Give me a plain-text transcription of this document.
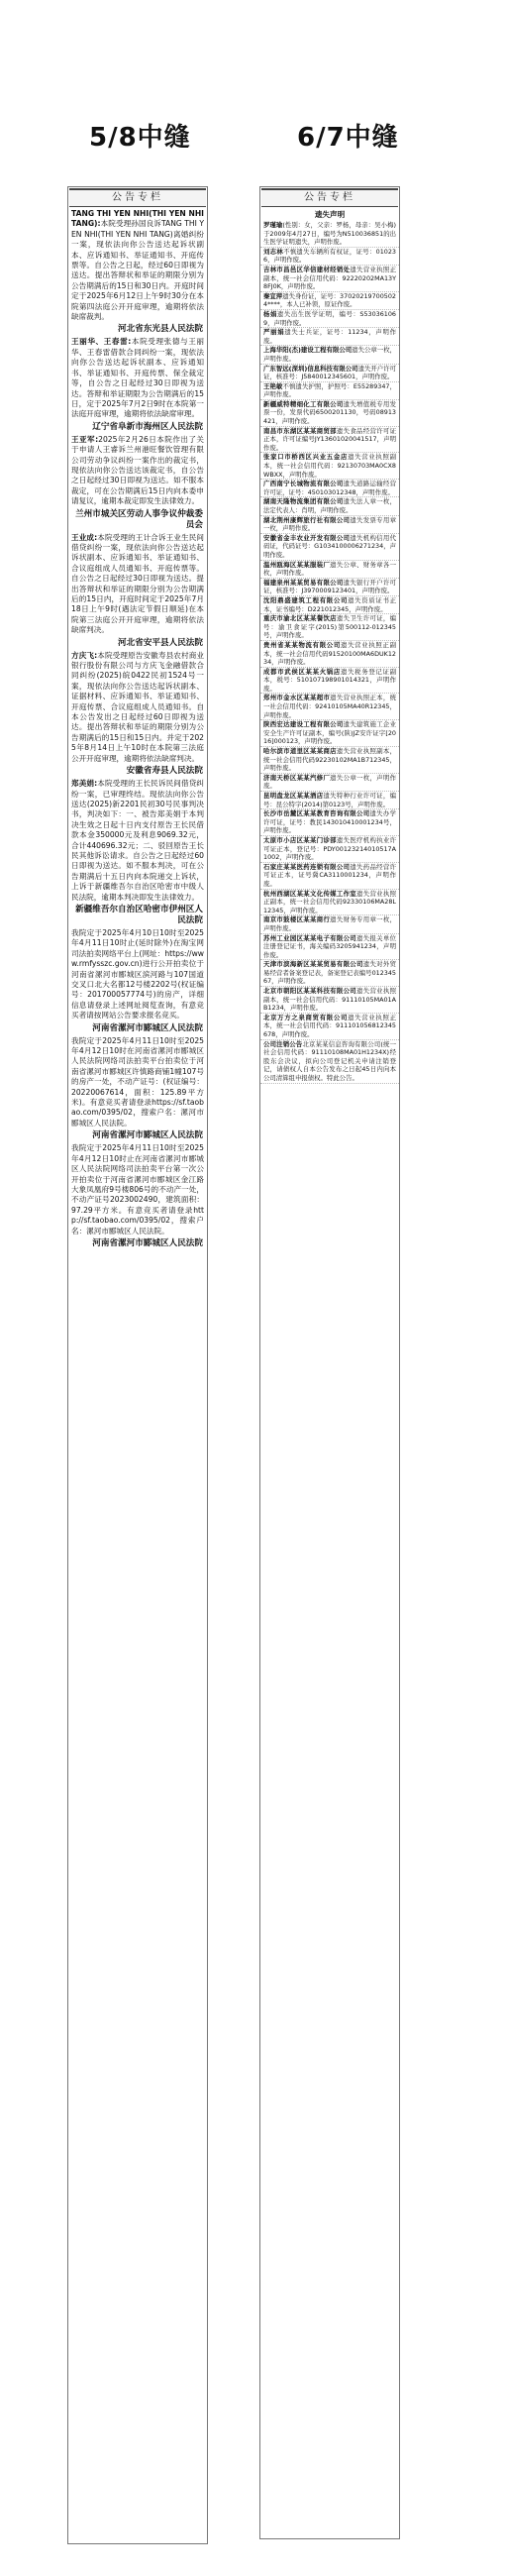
5/8中缝	6/7中缝
公告专栏
TANG THI YEN NHI(THI YEN NHI TANG):本院受理孙国良诉TANG THI YEN NHI(THI YEN NHI TANG)离婚纠纷一案，现依法向你公告送达起诉状副本、应诉通知书、举证通知书、开庭传票等。自公告之日起，经过60日即视为送达。提出答辩状和举证的期限分别为公告期满后的15日和30日内。开庭时间定于2025年6月12日上午9时30分在本院第四法庭公开开庭审理，逾期将依法缺席裁判。
河北省东光县人民法院
王丽华、王春雷:本院受理张德与王丽华、王春雷借款合同纠纷一案，现依法向你公告送达起诉状副本、应诉通知书、举证通知书、开庭传票、保全裁定等，自公告之日起经过30日即视为送达。答辩和举证期限为公告期满后的15日，定于2025年7月2日9时在本院第一法庭开庭审理，逾期将依法缺席审理。
辽宁省阜新市海州区人民法院
王亚军:2025年2月26日本院作出了关于申请人王睿诉兰州港旺餐饮管理有限公司劳动争议纠纷一案作出的裁定书，现依法向你公告送达该裁定书，自公告之日起经过30日即视为送达。如不服本裁定，可在公告期满后15日内向本委申请复议，逾期本裁定即发生法律效力。
兰州市城关区劳动人事争议仲裁委员会
王业成:本院受理的王计合诉王业生民间借贷纠纷一案，现依法向你公告送达起诉状副本、应诉通知书、举证通知书、合议庭组成人员通知书、开庭传票等。自公告之日起经过30日即视为送达。提出答辩状和举证的期限分别为公告期满后的15日内，开庭时间定于2025年7月18日上午9时(遇法定节假日顺延)在本院第三法庭公开开庭审理，逾期将依法缺席判决。
河北省安平县人民法院
方庆飞:本院受理原告安徽寿县农村商业银行股份有限公司与方庆飞金融借款合同纠纷(2025)皖0422民初1524号一案，现依法向你公告送达起诉状副本、证据材料、应诉通知书、举证通知书、开庭传票、合议庭组成人员通知书。自本公告发出之日起经过60日即视为送达。提出答辩状和举证的期限分别为公告期满后的15日和15日内。并定于2025年8月14日上午10时在本院第三法庭公开开庭审理，逾期将依法缺席判决。
安徽省寿县人民法院
郑美娟:本院受理的王长民诉民间借贷纠纷一案，已审理终结。现依法向你公告送达(2025)新2201民初30号民事判决书，判决如下：一、被告郑美娟于本判决生效之日起十日内支付原告王长民借款本金350000元及利息9069.32元，合计440696.32元；二、驳回原告王长民其他诉讼请求。自公告之日起经过60日即视为送达。如不服本判决，可在公告期满后十五日内向本院递交上诉状，上诉于新疆维吾尔自治区哈密市中级人民法院，逾期本判决即发生法律效力。
新疆维吾尔自治区哈密市伊州区人民法院
我院定于2025年4月10日10时至2025年4月11日10时止(延时除外)在淘宝网司法拍卖网络平台上(网址：https://www.rmfysszc.gov.cn)进行公开拍卖位于河南省漯河市郾城区滨河路与107国道交叉口北大名都12号楼2202号(权证编号：201700057774号)的房产，详细信息请登录上述网址阅览查询，有意竞买者请按网站公告要求报名竞买。
河南省漯河市郾城区人民法院
我院定于2025年4月11日10时至2025年4月12日10时在河南省漯河市郾城区人民法院网络司法拍卖平台拍卖位于河南省漯河市郾城区许慎路商铺1幢107号的房产一处，不动产证号：(权证编号：20220067614，面积：125.89平方米)。有意竞买者请登录https://sf.taobao.com/0395/02，搜索户名：漯河市郾城区人民法院。
河南省漯河市郾城区人民法院
我院定于2025年4月11日10时至2025年4月12日10时止在河南省漯河市郾城区人民法院网络司法拍卖平台第一次公开拍卖位于河南省漯河市郾城区金江路大象凤凰府9号楼806号的不动产一处，不动产证号2023002490，建筑面积：97.29平方米。有意竞买者请登录http://sf.taobao.com/0395/02，搜索户名：漯河市郾城区人民法院。
河南省漯河市郾城区人民法院
公告专栏
遗失声明
罗瑾瑜(性别：女，父亲：罗杨，母亲：吴小梅)于2009年4月27日，编号为N510036851的出生医学证明遗失，声明作废。
刘志林不慎遗失车辆所有权证，证号：010236，声明作废。
吉林市昌邑区华信建材经销处遗失营业执照正副本，统一社会信用代码：92220202MA13Y8FJ0K，声明作废。
秦宜萍遗失身份证，证号：370202197005024****，本人已补领，原证作废。
杨娟遗失出生医学证明，编号：S530361069，声明作废。
严丽娟遗失士兵证，证号：11234，声明作废。
上海华阳(杰)建设工程有限公司遗失公章一枚，声明作废。
广东智远(深圳)信息科技有限公司遗失开户许可证，核准号：J5840012345601，声明作废。
王艳敏不慎遗失护照，护照号：E55289347，声明作废。
新疆威特精细化工有限公司遗失增值税专用发票一份，发票代码6500201130，号码08913421，声明作废。
南昌市东湖区某某商贸部遗失食品经营许可证正本，许可证编号JY13601020041517，声明作废。
张家口市桥西区兴业五金店遗失营业执照副本，统一社会信用代码：92130703MA0CX8WBXX，声明作废。
广西南宁长城物流有限公司遗失道路运输经营许可证，证号：450103012348，声明作废。
湖南天隆物流集团有限公司遗失法人章一枚，法定代表人：肖明，声明作废。
湖北荆州康辉旅行社有限公司遗失发票专用章一枚，声明作废。
安徽省金丰农业开发有限公司遗失机构信用代码证，代码证号：G1034100006271234，声明作废。
温州瓯海区某某服装厂遗失公章、财务章各一枚，声明作废。
福建泉州某某贸易有限公司遗失银行开户许可证，核准号：J3970009123401，声明作废。
沈阳鼎盛建筑工程有限公司遗失资质证书正本，证书编号：D221012345，声明作废。
重庆市渝北区某某餐饮店遗失卫生许可证，编号：渝卫食证字(2015)第500112-012345号，声明作废。
贵州省某某物流有限公司遗失营业执照正副本，统一社会信用代码91520100MA6DUK1234，声明作废。
成都市武侯区某某火锅店遗失税务登记证副本，税号：510107198901014321，声明作废。
郑州市金水区某某超市遗失营业执照正本，统一社会信用代码：92410105MA40R12345，声明作废。
陕西宏达建设工程有限公司遗失建筑施工企业安全生产许可证副本，编号(陕)JZ安许证字[2016]000123，声明作废。
哈尔滨市道里区某某商店遗失营业执照副本，统一社会信用代码92230102MA1B712345，声明作废。
济南天桥区某某汽修厂遗失公章一枚，声明作废。
昆明盘龙区某某酒店遗失特种行业许可证，编号：昆公特字(2014)第0123号，声明作废。
长沙市岳麓区某某教育咨询有限公司遗失办学许可证，证号：教民143010410001234号，声明作废。
太原市小店区某某门诊部遗失医疗机构执业许可证正本，登记号：PDY00123214010517A1002，声明作废。
石家庄某某医药连锁有限公司遗失药品经营许可证正本，证号冀CA3110001234，声明作废。
杭州西湖区某某文化传媒工作室遗失营业执照正副本，统一社会信用代码92330106MA28L12345，声明作废。
南京市鼓楼区某某商行遗失财务专用章一枚，声明作废。
苏州工业园区某某电子有限公司遗失报关单位注册登记证书，海关编码3205941234，声明作废。
天津市滨海新区某某贸易有限公司遗失对外贸易经营者备案登记表，备案登记表编号01234567，声明作废。
北京市朝阳区某某科技有限公司遗失营业执照副本，统一社会信用代码：91110105MA01AB1234，声明作废。
北京万方之泉商贸有限公司遗失营业执照正本，统一社会信用代码：911101056812345678，声明作废。
公司注销公告北京某某信息咨询有限公司(统一社会信用代码：91110108MA01H1234X)经股东会决议，拟向公司登记机关申请注销登记，请债权人自本公告发布之日起45日内向本公司清算组申报债权。特此公告。
